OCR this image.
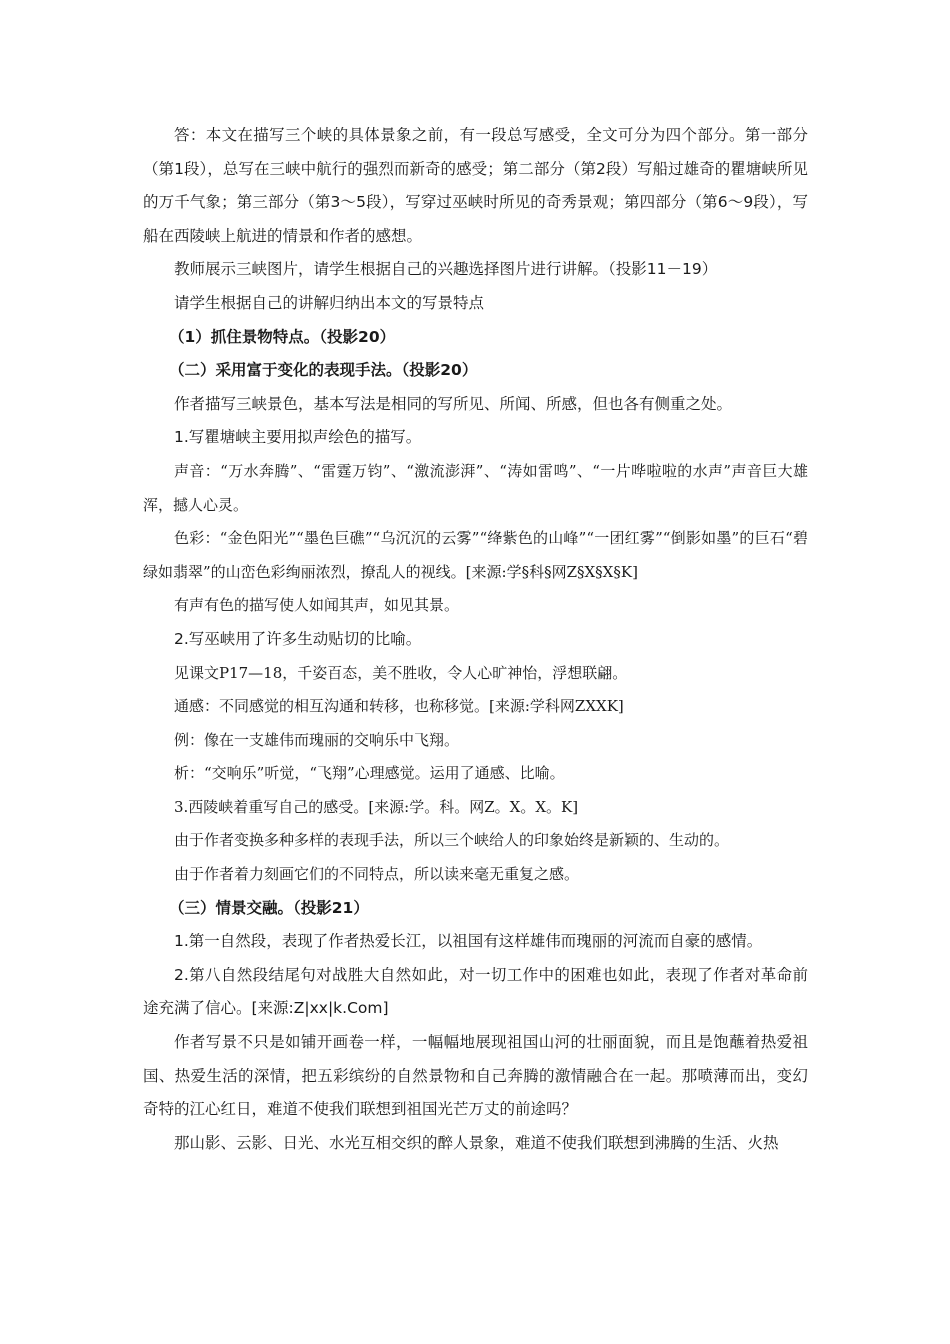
答：本文在描写三个峡的具体景象之前，有一段总写感受，全文可分为四个部分。第一部分（第1段），总写在三峡中航行的强烈而新奇的感受；第二部分（第2段）写船过雄奇的瞿塘峡所见的万千气象；第三部分（第3～5段），写穿过巫峡时所见的奇秀景观；第四部分（第6～9段），写船在西陵峡上航进的情景和作者的感想。

教师展示三峡图片，请学生根据自己的兴趣选择图片进行讲解。（投影11－19）

请学生根据自己的讲解归纳出本文的写景特点

（1）抓住景物特点。（投影20）

（二）采用富于变化的表现手法。（投影20）

作者描写三峡景色，基本写法是相同的写所见、所闻、所感，但也各有侧重之处。

1.写瞿塘峡主要用拟声绘色的描写。

声音：“万水奔腾”、“雷霆万钧”、“激流澎湃”、“涛如雷鸣”、“一片哗啦啦的水声”声音巨大雄浑，撼人心灵。

色彩：“金色阳光”“墨色巨礁”“乌沉沉的云雾”“绛紫色的山峰”“一团红雾”“倒影如墨”的巨石“碧绿如翡翠”的山峦色彩绚丽浓烈，撩乱人的视线。[来源:学§科§网Z§X§X§K]

有声有色的描写使人如闻其声，如见其景。

2.写巫峡用了许多生动贴切的比喻。

见课文P17—18，千姿百态，美不胜收，令人心旷神怡，浮想联翩。

通感：不同感觉的相互沟通和转移，也称移觉。[来源:学科网ZXXK]

例：像在一支雄伟而瑰丽的交响乐中飞翔。

析：“交响乐”听觉，“飞翔”心理感觉。运用了通感、比喻。

3.西陵峡着重写自己的感受。[来源:学。科。网Z。X。X。K]

由于作者变换多种多样的表现手法，所以三个峡给人的印象始终是新颖的、生动的。

由于作者着力刻画它们的不同特点，所以读来毫无重复之感。

（三）情景交融。（投影21）

1.第一自然段，表现了作者热爱长江，以祖国有这样雄伟而瑰丽的河流而自豪的感情。

2.第八自然段结尾句对战胜大自然如此，对一切工作中的困难也如此，表现了作者对革命前途充满了信心。[来源:Z|xx|k.Com]

作者写景不只是如铺开画卷一样，一幅幅地展现祖国山河的壮丽面貌，而且是饱蘸着热爱祖国、热爱生活的深情，把五彩缤纷的自然景物和自己奔腾的激情融合在一起。那喷薄而出，变幻奇特的江心红日，难道不使我们联想到祖国光芒万丈的前途吗？

那山影、云影、日光、水光互相交织的醉人景象，难道不使我们联想到沸腾的生活、火热
